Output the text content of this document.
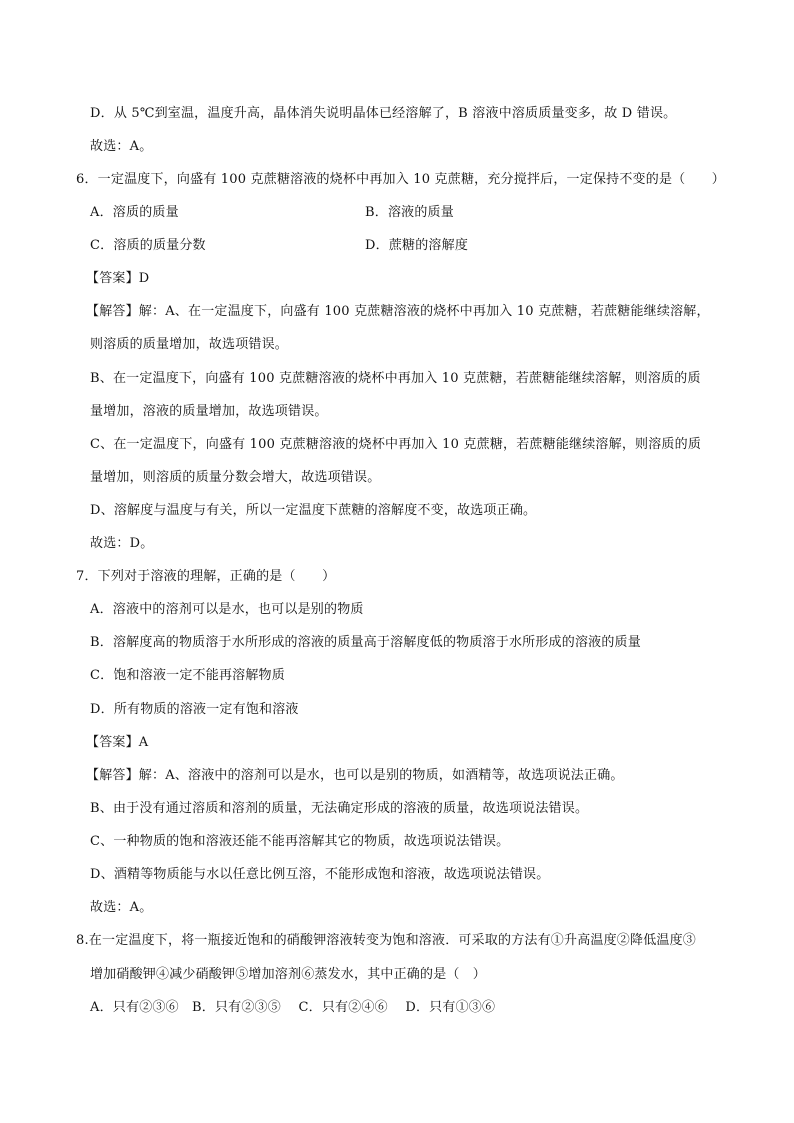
D．从 5℃到室温，温度升高，晶体消失说明晶体已经溶解了，B 溶液中溶质质量变多，故 D 错误。
故选：A。
6．一定温度下，向盛有 100 克蔗糖溶液的烧杯中再加入 10 克蔗糖，充分搅拌后，一定保持不变的是（　　）
A．溶质的质量	B．溶液的质量
C．溶质的质量分数	D．蔗糖的溶解度
【答案】D
【解答】解：A、在一定温度下，向盛有 100 克蔗糖溶液的烧杯中再加入 10 克蔗糖，若蔗糖能继续溶解，
则溶质的质量增加，故选项错误。
B、在一定温度下，向盛有 100 克蔗糖溶液的烧杯中再加入 10 克蔗糖，若蔗糖能继续溶解，则溶质的质
量增加，溶液的质量增加，故选项错误。
C、在一定温度下，向盛有 100 克蔗糖溶液的烧杯中再加入 10 克蔗糖，若蔗糖能继续溶解，则溶质的质
量增加，则溶质的质量分数会增大，故选项错误。
D、溶解度与温度与有关，所以一定温度下蔗糖的溶解度不变，故选项正确。
故选：D。
7．下列对于溶液的理解，正确的是（　　）
A．溶液中的溶剂可以是水，也可以是别的物质
B．溶解度高的物质溶于水所形成的溶液的质量高于溶解度低的物质溶于水所形成的溶液的质量
C．饱和溶液一定不能再溶解物质
D．所有物质的溶液一定有饱和溶液
【答案】A
【解答】解：A、溶液中的溶剂可以是水，也可以是别的物质，如酒精等，故选项说法正确。
B、由于没有通过溶质和溶剂的质量，无法确定形成的溶液的质量，故选项说法错误。
C、一种物质的饱和溶液还能不能再溶解其它的物质，故选项说法错误。
D、酒精等物质能与水以任意比例互溶，不能形成饱和溶液，故选项说法错误。
故选：A。
8.在一定温度下，将一瓶接近饱和的硝酸钾溶液转变为饱和溶液．可采取的方法有①升高温度②降低温度③
增加硝酸钾④减少硝酸钾⑤增加溶剂⑥蒸发水，其中正确的是（　）
A．只有②③⑥　B．只有②③⑤　 C．只有②④⑥　 D．只有①③⑥
